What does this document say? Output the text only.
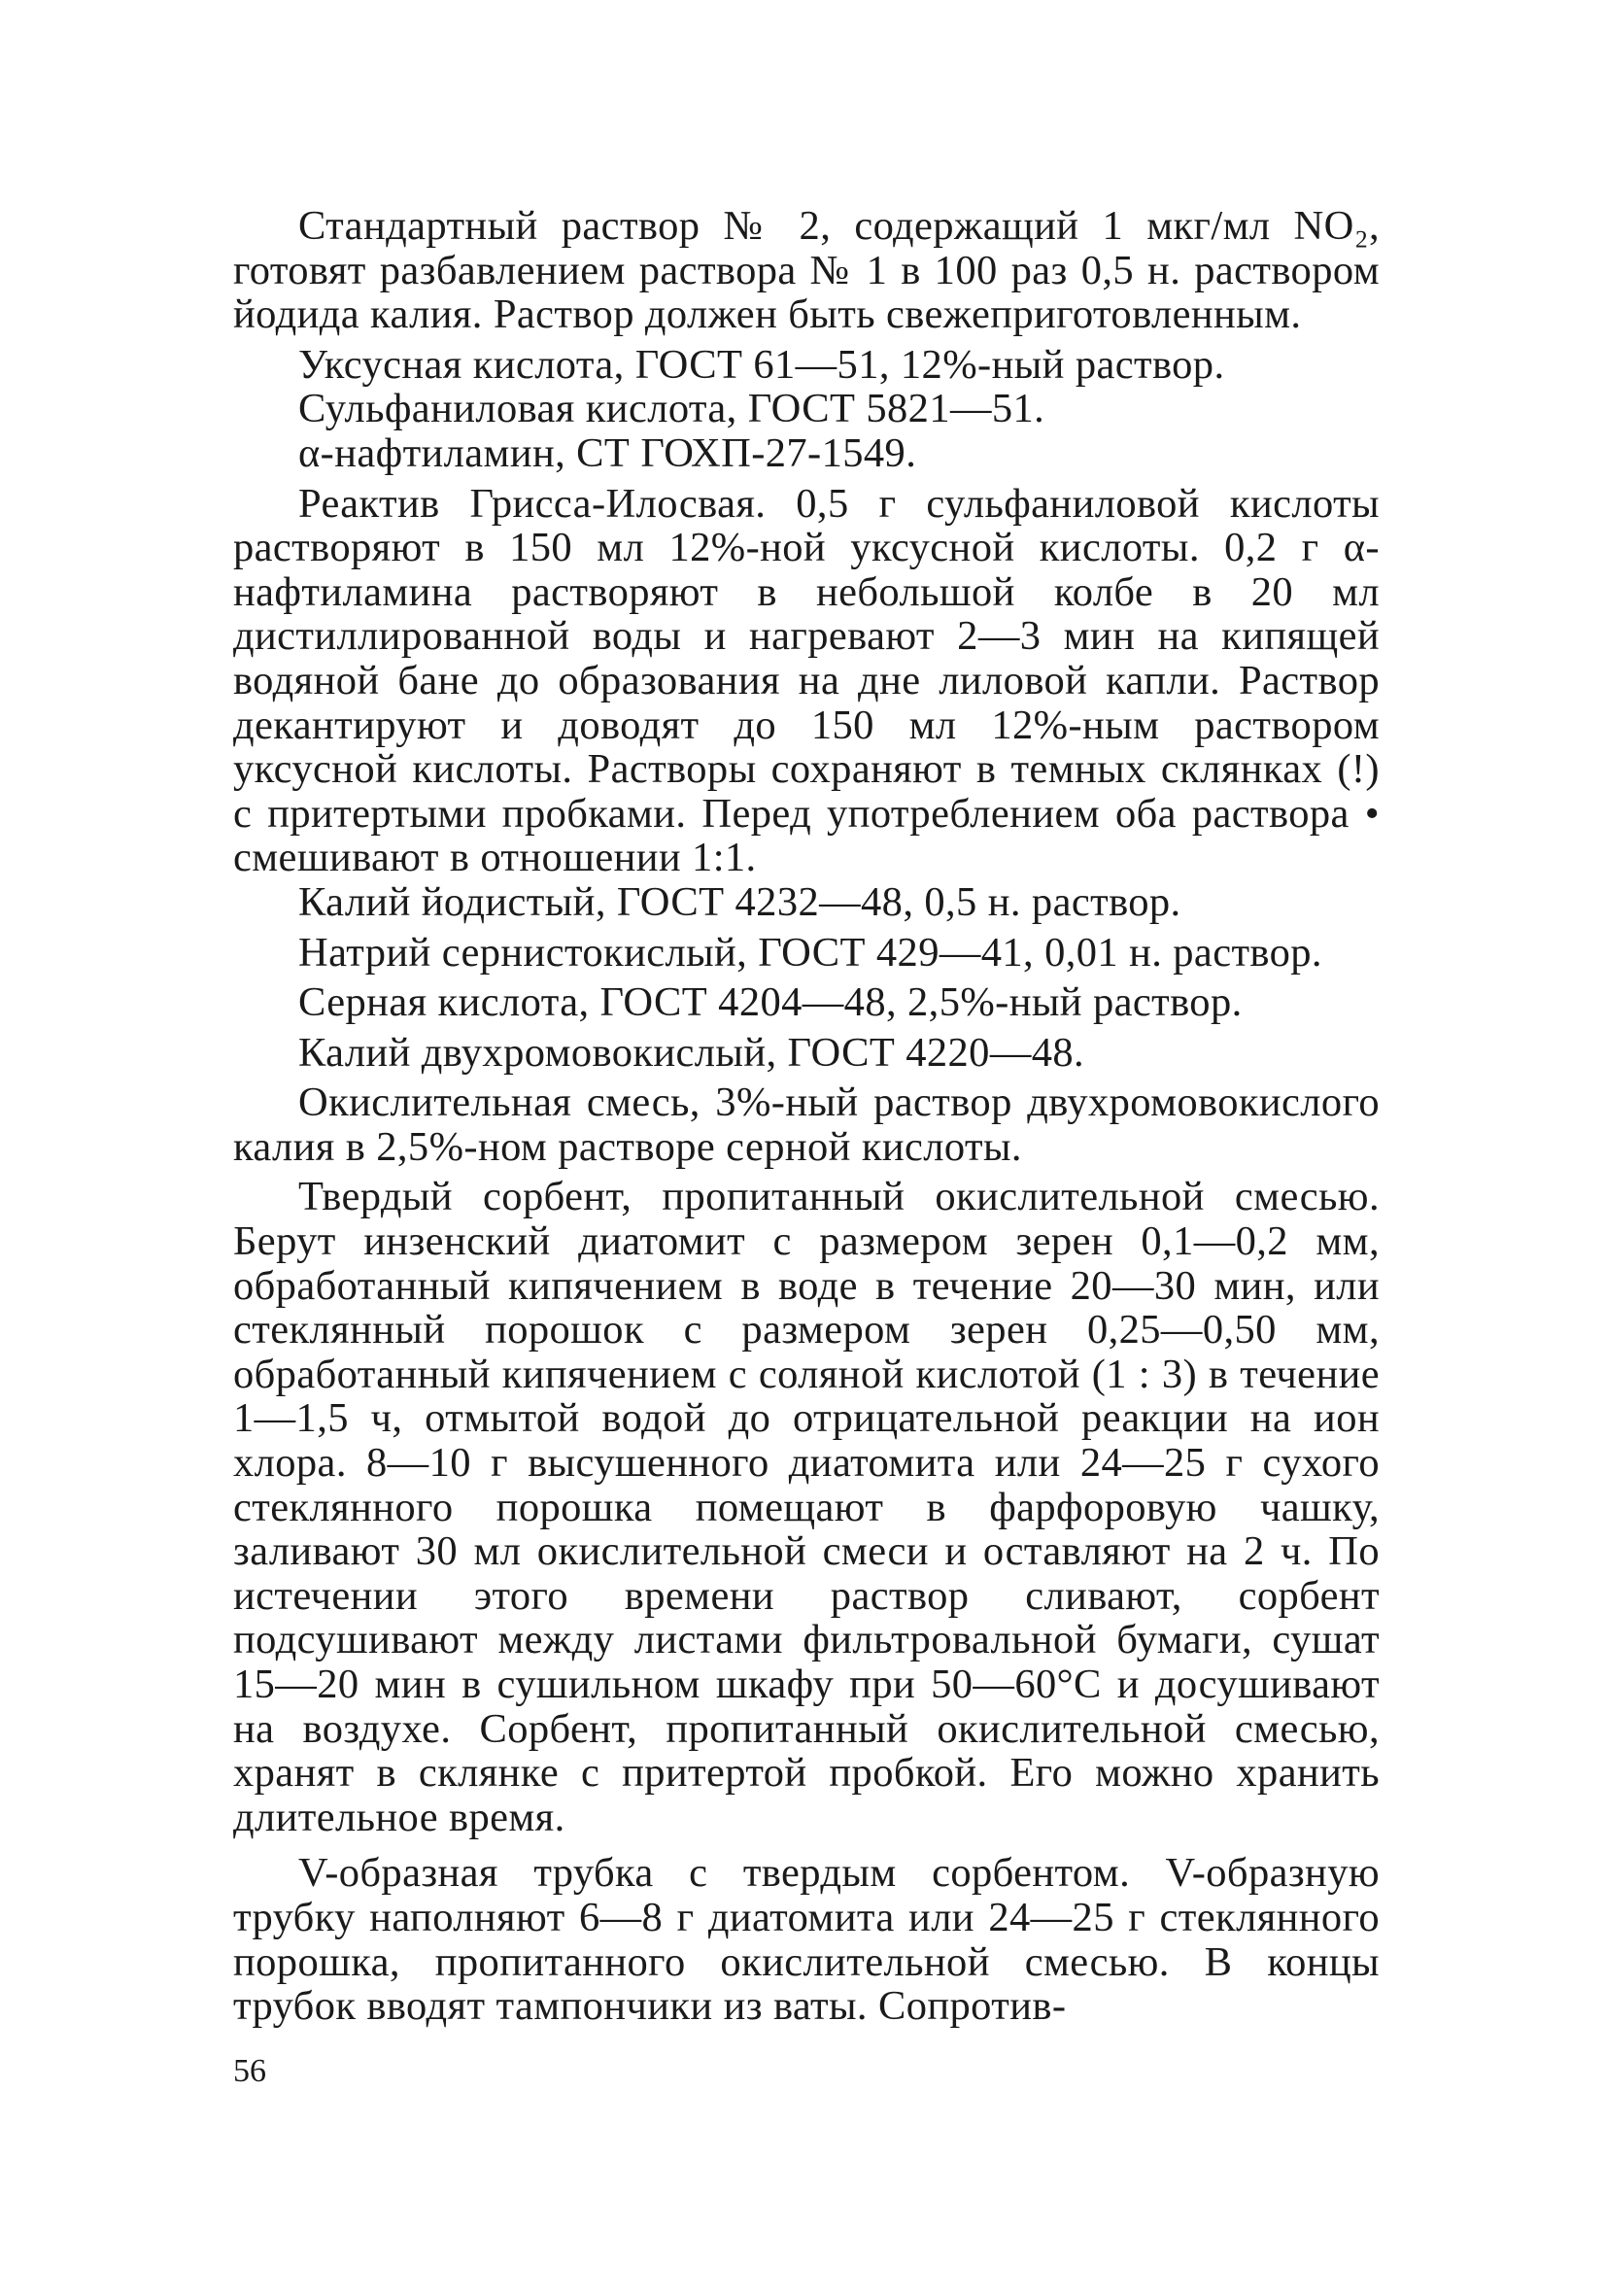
Стандартный раствор № 2, содержащий 1 мкг/мл NO₂, готовят разбавлением раствора № 1 в 100 раз 0,5 н. раствором йодида калия. Раствор должен быть свежеприготовленным.

Уксусная кислота, ГОСТ 61—51, 12%-ный раствор.

Сульфаниловая кислота, ГОСТ 5821—51.

α-нафтиламин, СТ ГОХП-27-1549.

Реактив Грисса-Илосвая. 0,5 г сульфаниловой кислоты растворяют в 150 мл 12%-ной уксусной кислоты. 0,2 г α-нафтиламина растворяют в небольшой колбе в 20 мл дистиллированной воды и нагревают 2—3 мин на кипящей водяной бане до образования на дне лиловой капли. Раствор декантируют и доводят до 150 мл 12%-ным раствором уксусной кислоты. Растворы сохраняют в темных склянках (!) с притертыми пробками. Перед употреблением оба раствора • смешивают в отношении 1:1.

Калий йодистый, ГОСТ 4232—48, 0,5 н. раствор.

Натрий сернистокислый, ГОСТ 429—41, 0,01 н. раствор.

Серная кислота, ГОСТ 4204—48, 2,5%-ный раствор.

Калий двухромовокислый, ГОСТ 4220—48.

Окислительная смесь, 3%-ный раствор двухромовокислого калия в 2,5%-ном растворе серной кислоты.

Твердый сорбент, пропитанный окислительной смесью. Берут инзенский диатомит с размером зерен 0,1—0,2 мм, обработанный кипячением в воде в течение 20—30 мин, или стеклянный порошок с размером зерен 0,25—0,50 мм, обработанный кипячением с соляной кислотой (1 : 3) в течение 1—1,5 ч, отмытой водой до отрицательной реакции на ион хлора. 8—10 г высушенного диатомита или 24—25 г сухого стеклянного порошка помещают в фарфоровую чашку, заливают 30 мл окислительной смеси и оставляют на 2 ч. По истечении этого времени раствор сливают, сорбент подсушивают между листами фильтровальной бумаги, сушат 15—20 мин в сушильном шкафу при 50—60°С и досушивают на воздухе. Сорбент, пропитанный окислительной смесью, хранят в склянке с притертой пробкой. Его можно хранить длительное время.

V-образная трубка с твердым сорбентом. V-образную трубку наполняют 6—8 г диатомита или 24—25 г стеклянного порошка, пропитанного окислительной смесью. В концы трубок вводят тампончики из ваты. Сопротив-

56
